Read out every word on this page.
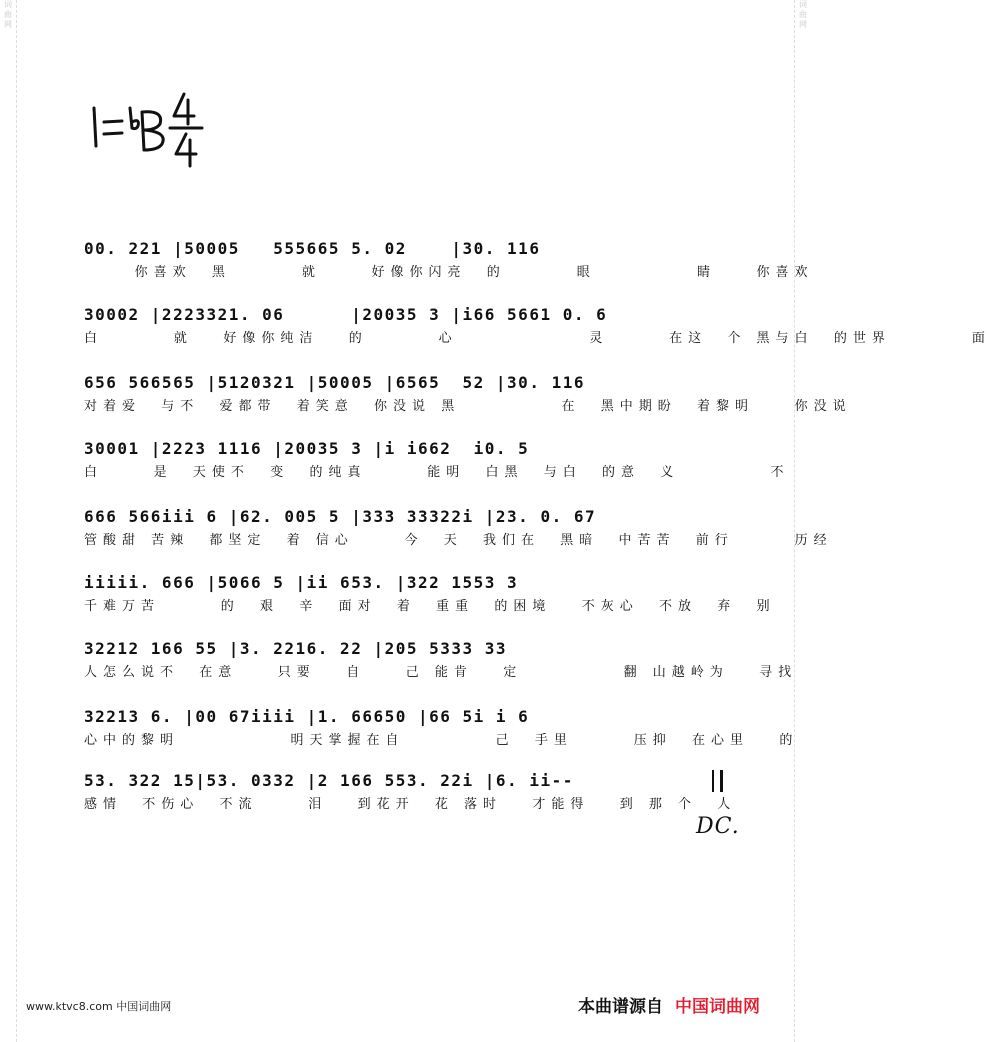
词
曲
网
词
曲
网
00. 221 |50005   555665 5. 02    |30. 116
你喜欢  黑       就     好像你闪亮  的       眼          睛    你喜欢
30002 |2223321. 06      |20035 3 |i66 5661 0. 6
白       就   好像你纯洁   的       心             灵      在这  个 黑与白  的世界        面
656 566565 |5120321 |50005 |6565  52 |30. 116
对着爱  与不  爱都带  着笑意  你没说 黑          在  黑中期盼  着黎明    你没说
30001 |2223 1116 |20035 3 |i i662  i0. 5
白     是  天使不  变  的纯真      能明  白黑  与白  的意  义         不
666 566iii 6 |62. 005 5 |333 33322i |23. 0. 67
管酸甜 苦辣  都坚定  着 信心     今  天  我们在  黑暗  中苦苦  前行      历经
iiiii. 666 |5066 5 |ii 653. |322 1553 3
千难万苦      的  艰  辛  面对  着  重重  的困境   不灰心  不放  弃  别
32212 166 55 |3. 2216. 22 |205 5333 33
人怎么说不  在意    只要   自    己 能肯   定          翻 山越岭为   寻找
32213 6. |00 67iiii |1. 66650 |66 5i i 6
心中的黎明           明天掌握在自         己  手里      压抑  在心里   的
53. 322 15|53. 0332 |2 166 553. 22i |6. ii--
感情  不伤心  不流     泪   到花开  花 落时   才能得   到 那 个  人
DC.
www.ktvc8.com 中国词曲网	本曲谱源自 中国词曲网
